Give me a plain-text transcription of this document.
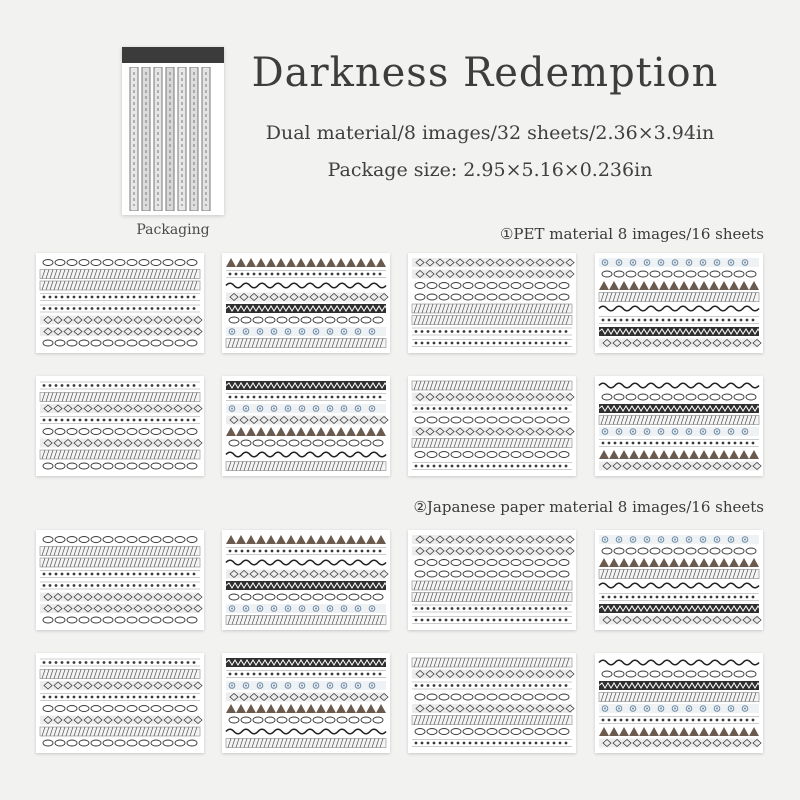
Packaging
Darkness Redemption
Dual material/8 images/32 sheets/2.36×3.94in
Package size: 2.95×5.16×0.236in
①PET material 8 images/16 sheets
②Japanese paper material 8 images/16 sheets
